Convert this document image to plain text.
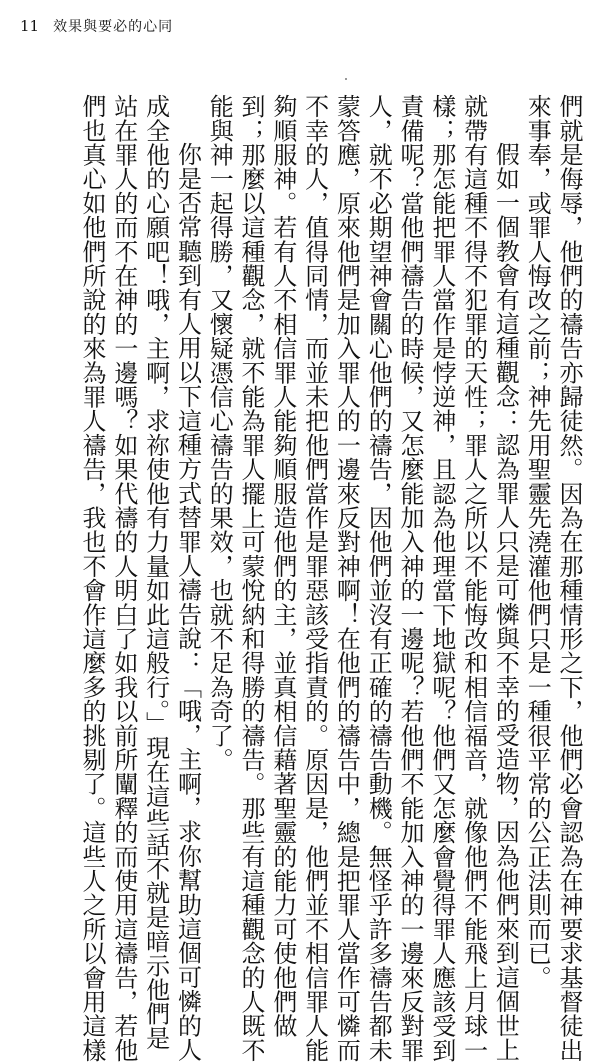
11 效果與要必的心同
們就是侮辱，他們的禱告亦歸徒然。因為在那種情形之下，他們必會認為在神要求基督徒出
來事奉，或罪人悔改之前；神先用聖靈先澆灌他們只是一種很平常的公正法則而已。
假如一個教會有這種觀念：認為罪人只是可憐與不幸的受造物，因為他們來到這個世上
就帶有這種不得不犯罪的天性；罪人之所以不能悔改和相信福音，就像他們不能飛上月球一
樣；那怎能把罪人當作是悖逆神，且認為他理當下地獄呢？他們又怎麼會覺得罪人應該受到
責備呢？當他們禱告的時候，又怎麼能加入神的一邊呢？若他們不能加入神的一邊來反對罪
人，就不必期望神會關心他們的禱告，因他們並沒有正確的禱告動機。無怪乎許多禱告都未
蒙答應，原來他們是加入罪人的一邊來反對神啊！在他們的禱告中，總是把罪人當作可憐而
不幸的人，值得同情，而並未把他們當作是罪惡該受指責的。原因是，他們並不相信罪人能
夠順服神。若有人不相信罪人能夠順服造他們的主，並真相信藉著聖靈的能力可使他們做
到；那麼以這種觀念，就不能為罪人擺上可蒙悅納和得勝的禱告。那些有這種觀念的人既不
能與神一起得勝，又懷疑憑信心禱告的果效，也就不足為奇了。
你是否常聽到有人用以下這種方式替罪人禱告說：「哦，主啊，求你幫助這個可憐的人
成全他的心願吧！哦，主啊，求祢使他有力量如此這般行。」現在這些話不就是暗示他們是
站在罪人的而不在神的一邊嗎？如果代禱的人明白了如我以前所闡釋的而使用這禱告，若他
們也真心如他們所說的來為罪人禱告，我也不會作這麼多的挑剔了。這些人之所以會用這樣
